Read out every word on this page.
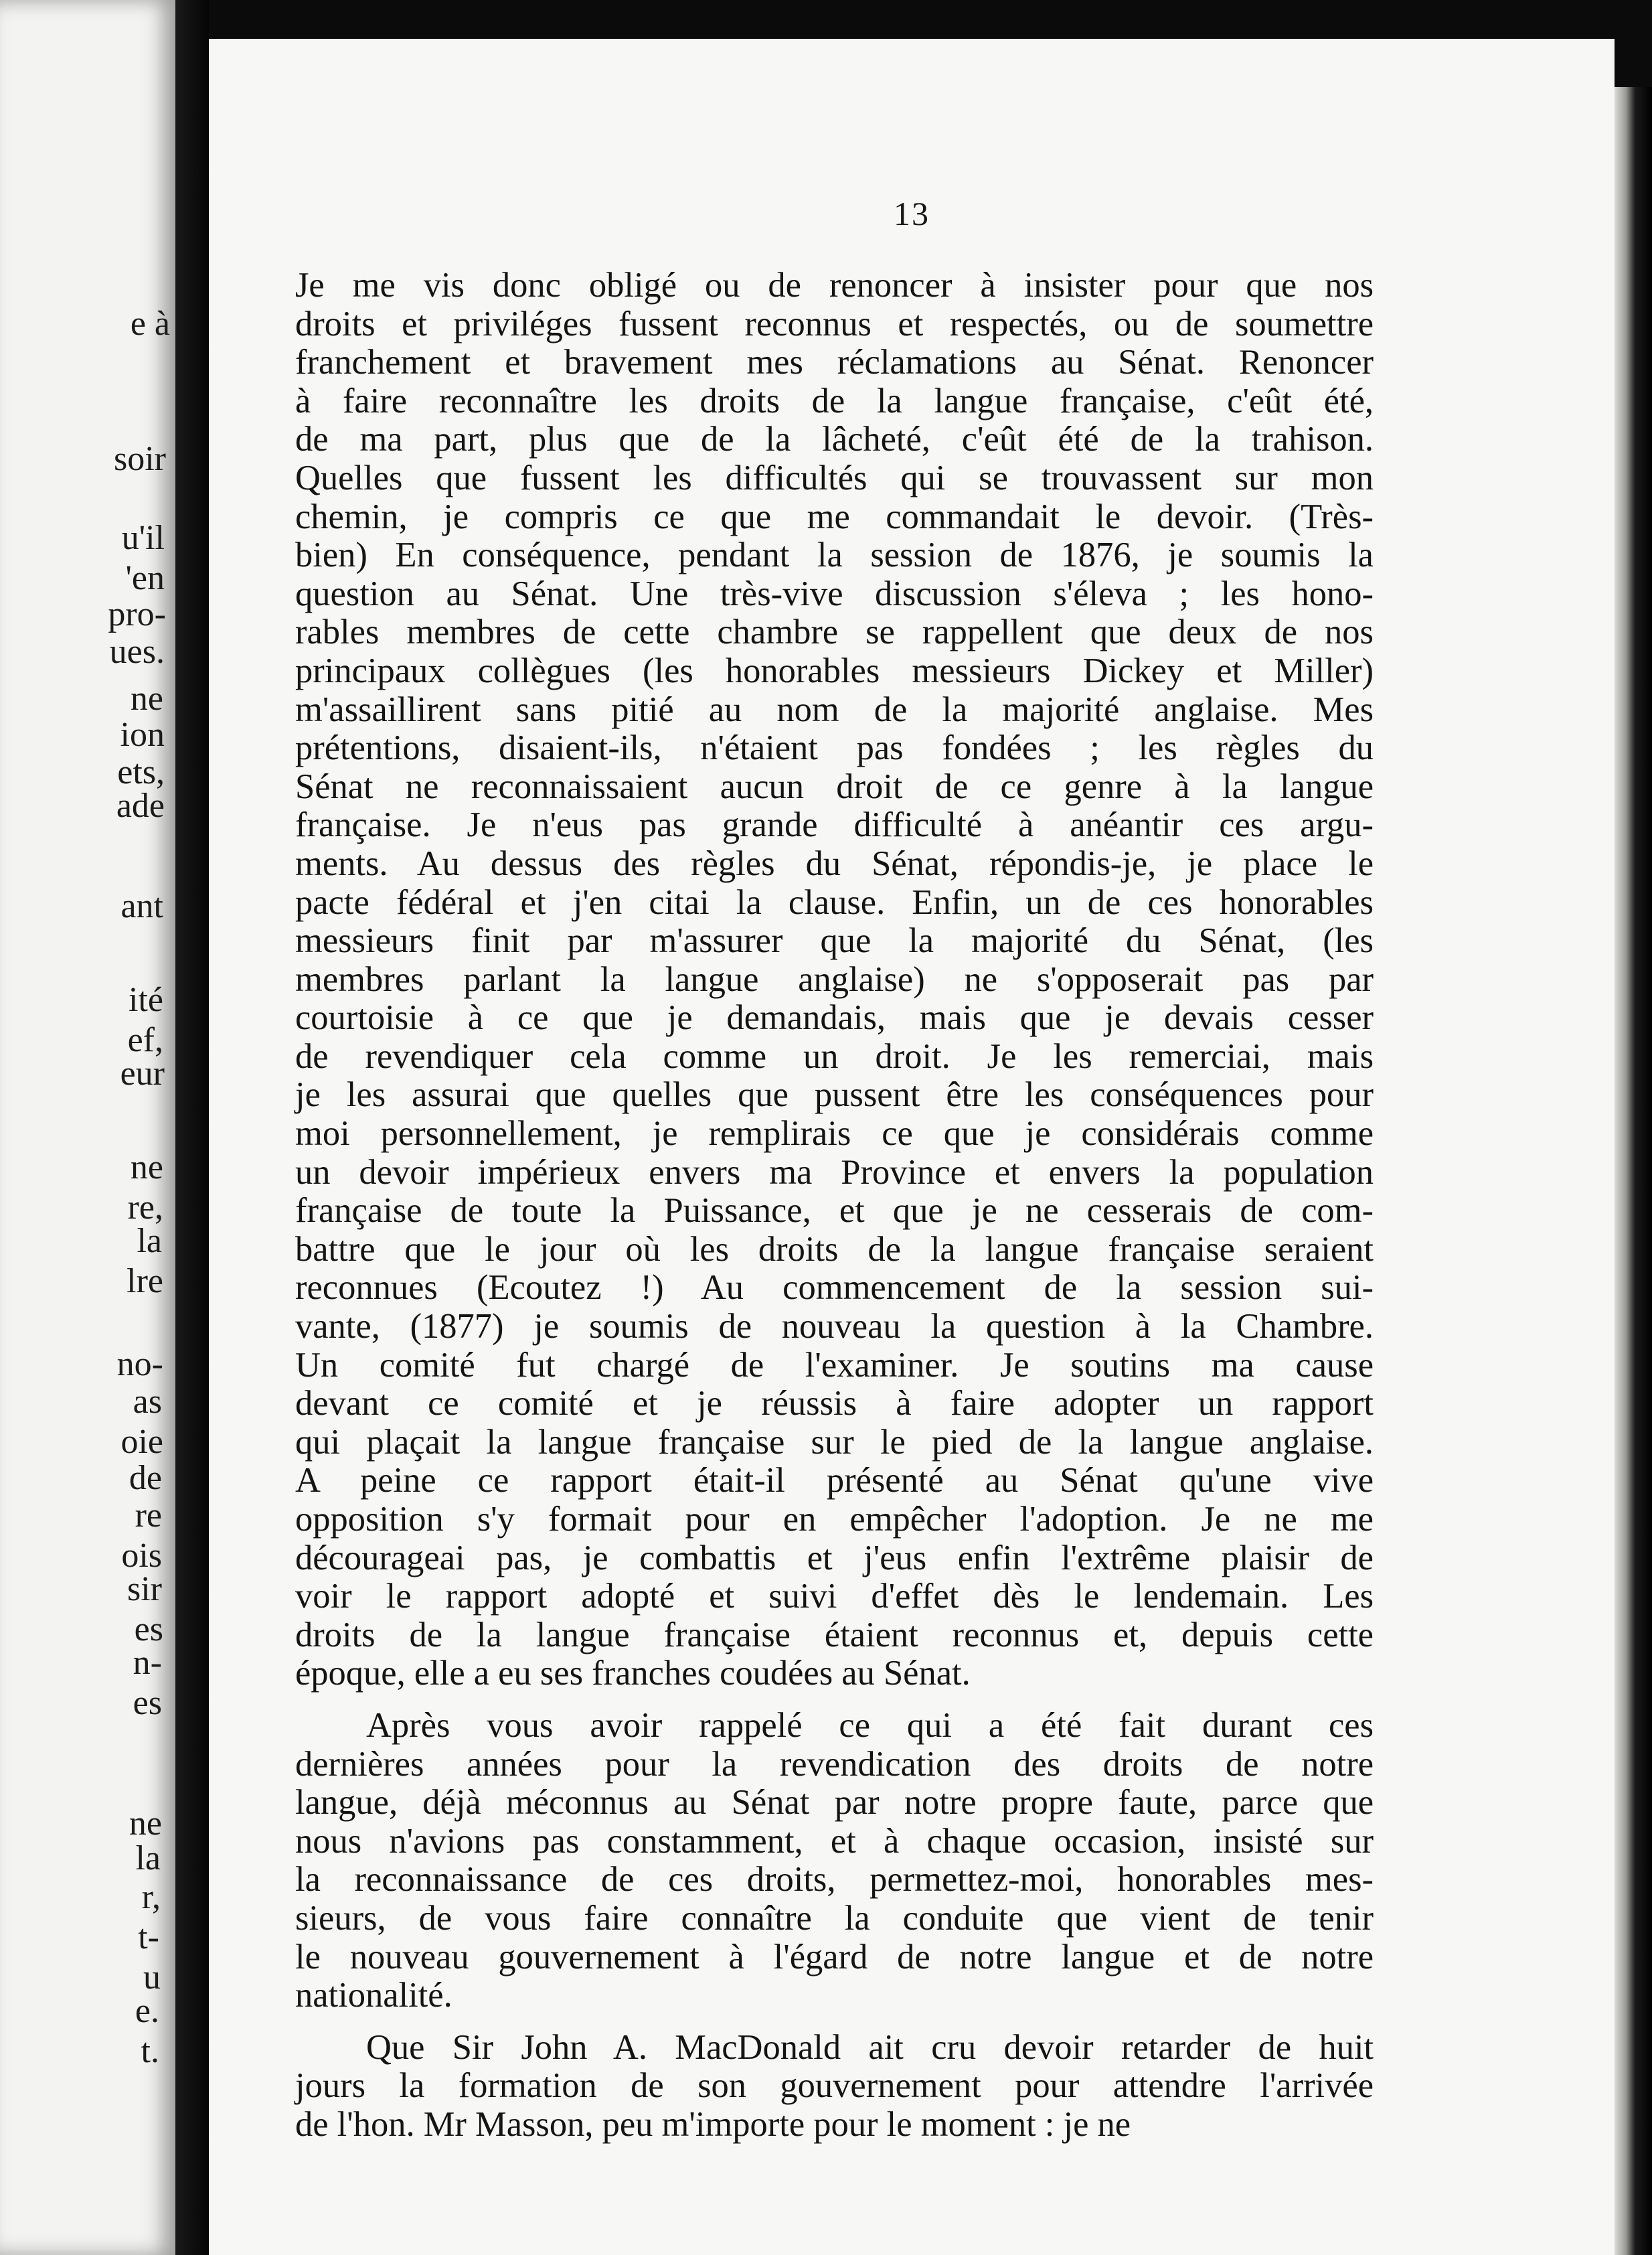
e à
soir
u'il
'en
pro-
ues.
ne
ion
ets,
ade
ant
ité
ef,
eur
ne
re,
la
lre
no-
as
oie
de
re
ois
sir
es
n-
es
ne
la
r,
t-
u
e.
t.
13
Je me vis donc obligé ou de renoncer à insister pour que nos
droits et priviléges fussent reconnus et respectés, ou de soumettre
franchement et bravement mes réclamations au Sénat. Renoncer
à faire reconnaître les droits de la langue française, c'eût été,
de ma part, plus que de la lâcheté, c'eût été de la trahison.
Quelles que fussent les difficultés qui se trouvassent sur mon
chemin, je compris ce que me commandait le devoir. (Très-
bien) En conséquence, pendant la session de 1876, je soumis la
question au Sénat. Une très-vive discussion s'éleva ; les hono-
rables membres de cette chambre se rappellent que deux de nos
principaux collègues (les honorables messieurs Dickey et Miller)
m'assaillirent sans pitié au nom de la majorité anglaise. Mes
prétentions, disaient-ils, n'étaient pas fondées ; les règles du
Sénat ne reconnaissaient aucun droit de ce genre à la langue
française. Je n'eus pas grande difficulté à anéantir ces argu-
ments. Au dessus des règles du Sénat, répondis-je, je place le
pacte fédéral et j'en citai la clause. Enfin, un de ces honorables
messieurs finit par m'assurer que la majorité du Sénat, (les
membres parlant la langue anglaise) ne s'opposerait pas par
courtoisie à ce que je demandais, mais que je devais cesser
de revendiquer cela comme un droit. Je les remerciai, mais
je les assurai que quelles que pussent être les conséquences pour
moi personnellement, je remplirais ce que je considérais comme
un devoir impérieux envers ma Province et envers la population
française de toute la Puissance, et que je ne cesserais de com-
battre que le jour où les droits de la langue française seraient
reconnues (Ecoutez !) Au commencement de la session sui-
vante, (1877) je soumis de nouveau la question à la Chambre.
Un comité fut chargé de l'examiner. Je soutins ma cause
devant ce comité et je réussis à faire adopter un rapport
qui plaçait la langue française sur le pied de la langue anglaise.
A peine ce rapport était-il présenté au Sénat qu'une vive
opposition s'y formait pour en empêcher l'adoption. Je ne me
décourageai pas, je combattis et j'eus enfin l'extrême plaisir de
voir le rapport adopté et suivi d'effet dès le lendemain. Les
droits de la langue française étaient reconnus et, depuis cette
époque, elle a eu ses franches coudées au Sénat.
Après vous avoir rappelé ce qui a été fait durant ces
dernières années pour la revendication des droits de notre
langue, déjà méconnus au Sénat par notre propre faute, parce que
nous n'avions pas constamment, et à chaque occasion, insisté sur
la reconnaissance de ces droits, permettez-moi, honorables mes-
sieurs, de vous faire connaître la conduite que vient de tenir
le nouveau gouvernement à l'égard de notre langue et de notre
nationalité.
Que Sir John A. MacDonald ait cru devoir retarder de huit
jours la formation de son gouvernement pour attendre l'arrivée
de l'hon. Mr Masson, peu m'importe pour le moment : je ne
